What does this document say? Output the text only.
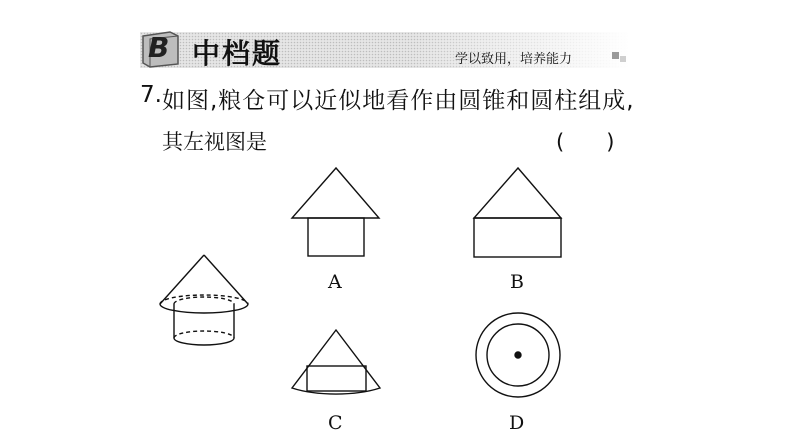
B 中档题	学以致用，培养能力
7. 如图,粮仓可以近似地看作由圆锥和圆柱组成,
其左视图是	(　　)
A	B
C	D
